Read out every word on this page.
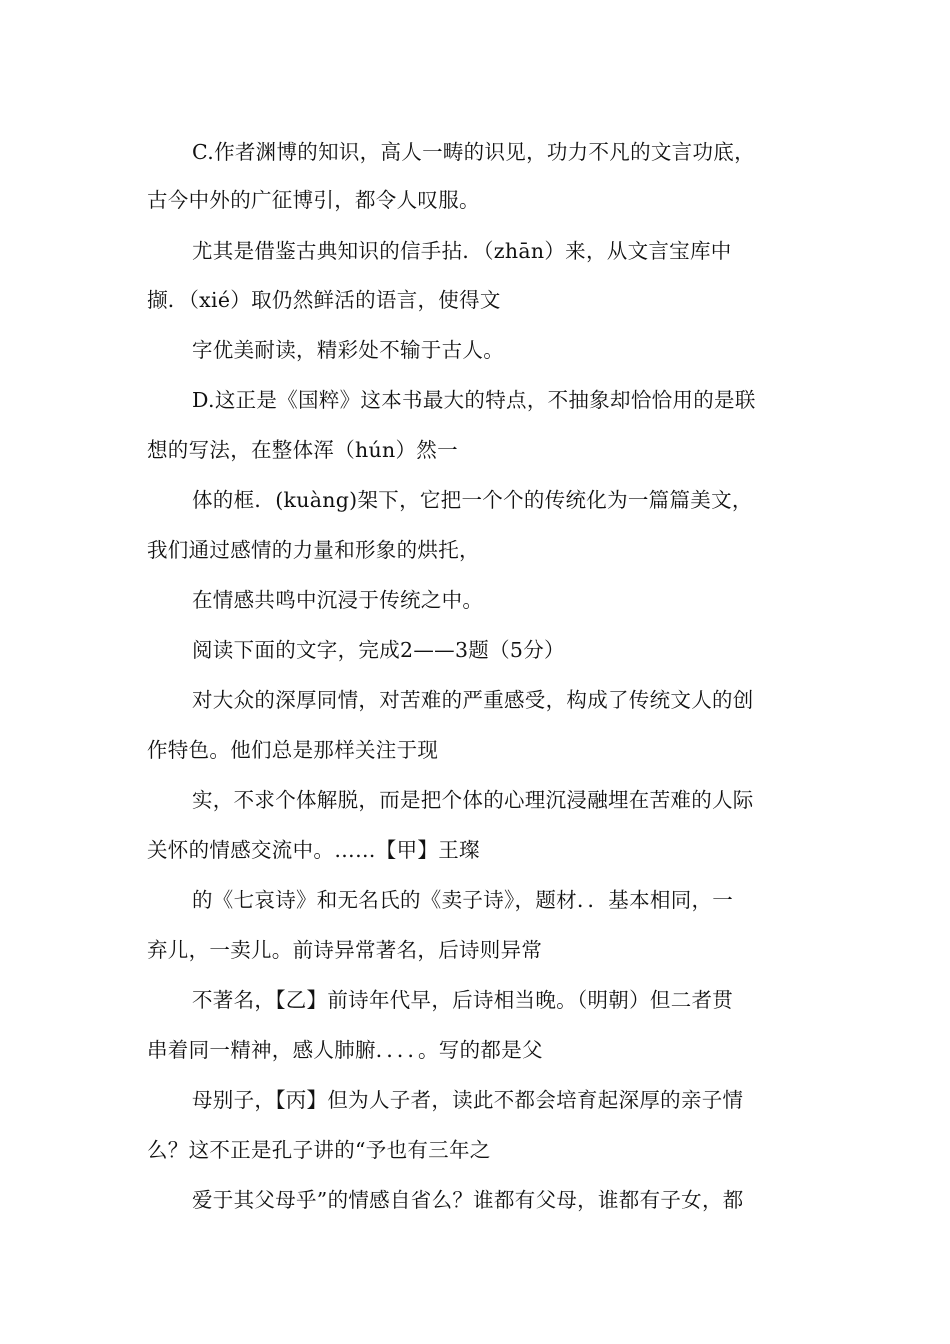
C.作者渊博的知识，高人一畴的识见，功力不凡的文言功底，
古今中外的广征博引，都令人叹服。
尤其是借鉴古典知识的信手拈．（zhān）来，从文言宝库中
撷．（xié）取仍然鲜活的语言，使得文
字优美耐读，精彩处不输于古人。
D.这正是《国粹》这本书最大的特点，不抽象却恰恰用的是联
想的写法，在整体浑（hún）然一
体的框．(kuàng)架下，它把一个个的传统化为一篇篇美文，
我们通过感情的力量和形象的烘托，
在情感共鸣中沉浸于传统之中。
阅读下面的文字，完成2——3题（5分）
对大众的深厚同情，对苦难的严重感受，构成了传统文人的创
作特色。他们总是那样关注于现
实，不求个体解脱，而是把个体的心理沉浸融埋在苦难的人际
关怀的情感交流中。……【甲】王璨
的《七哀诗》和无名氏的《卖子诗》，题材．．基本相同，一
弃儿，一卖儿。前诗异常著名，后诗则异常
不著名，【乙】前诗年代早，后诗相当晚。（明朝）但二者贯
串着同一精神，感人肺腑．．．．。写的都是父
母别子，【丙】但为人子者，读此不都会培育起深厚的亲子情
么？这不正是孔子讲的“予也有三年之
爱于其父母乎”的情感自省么？谁都有父母，谁都有子女，都
